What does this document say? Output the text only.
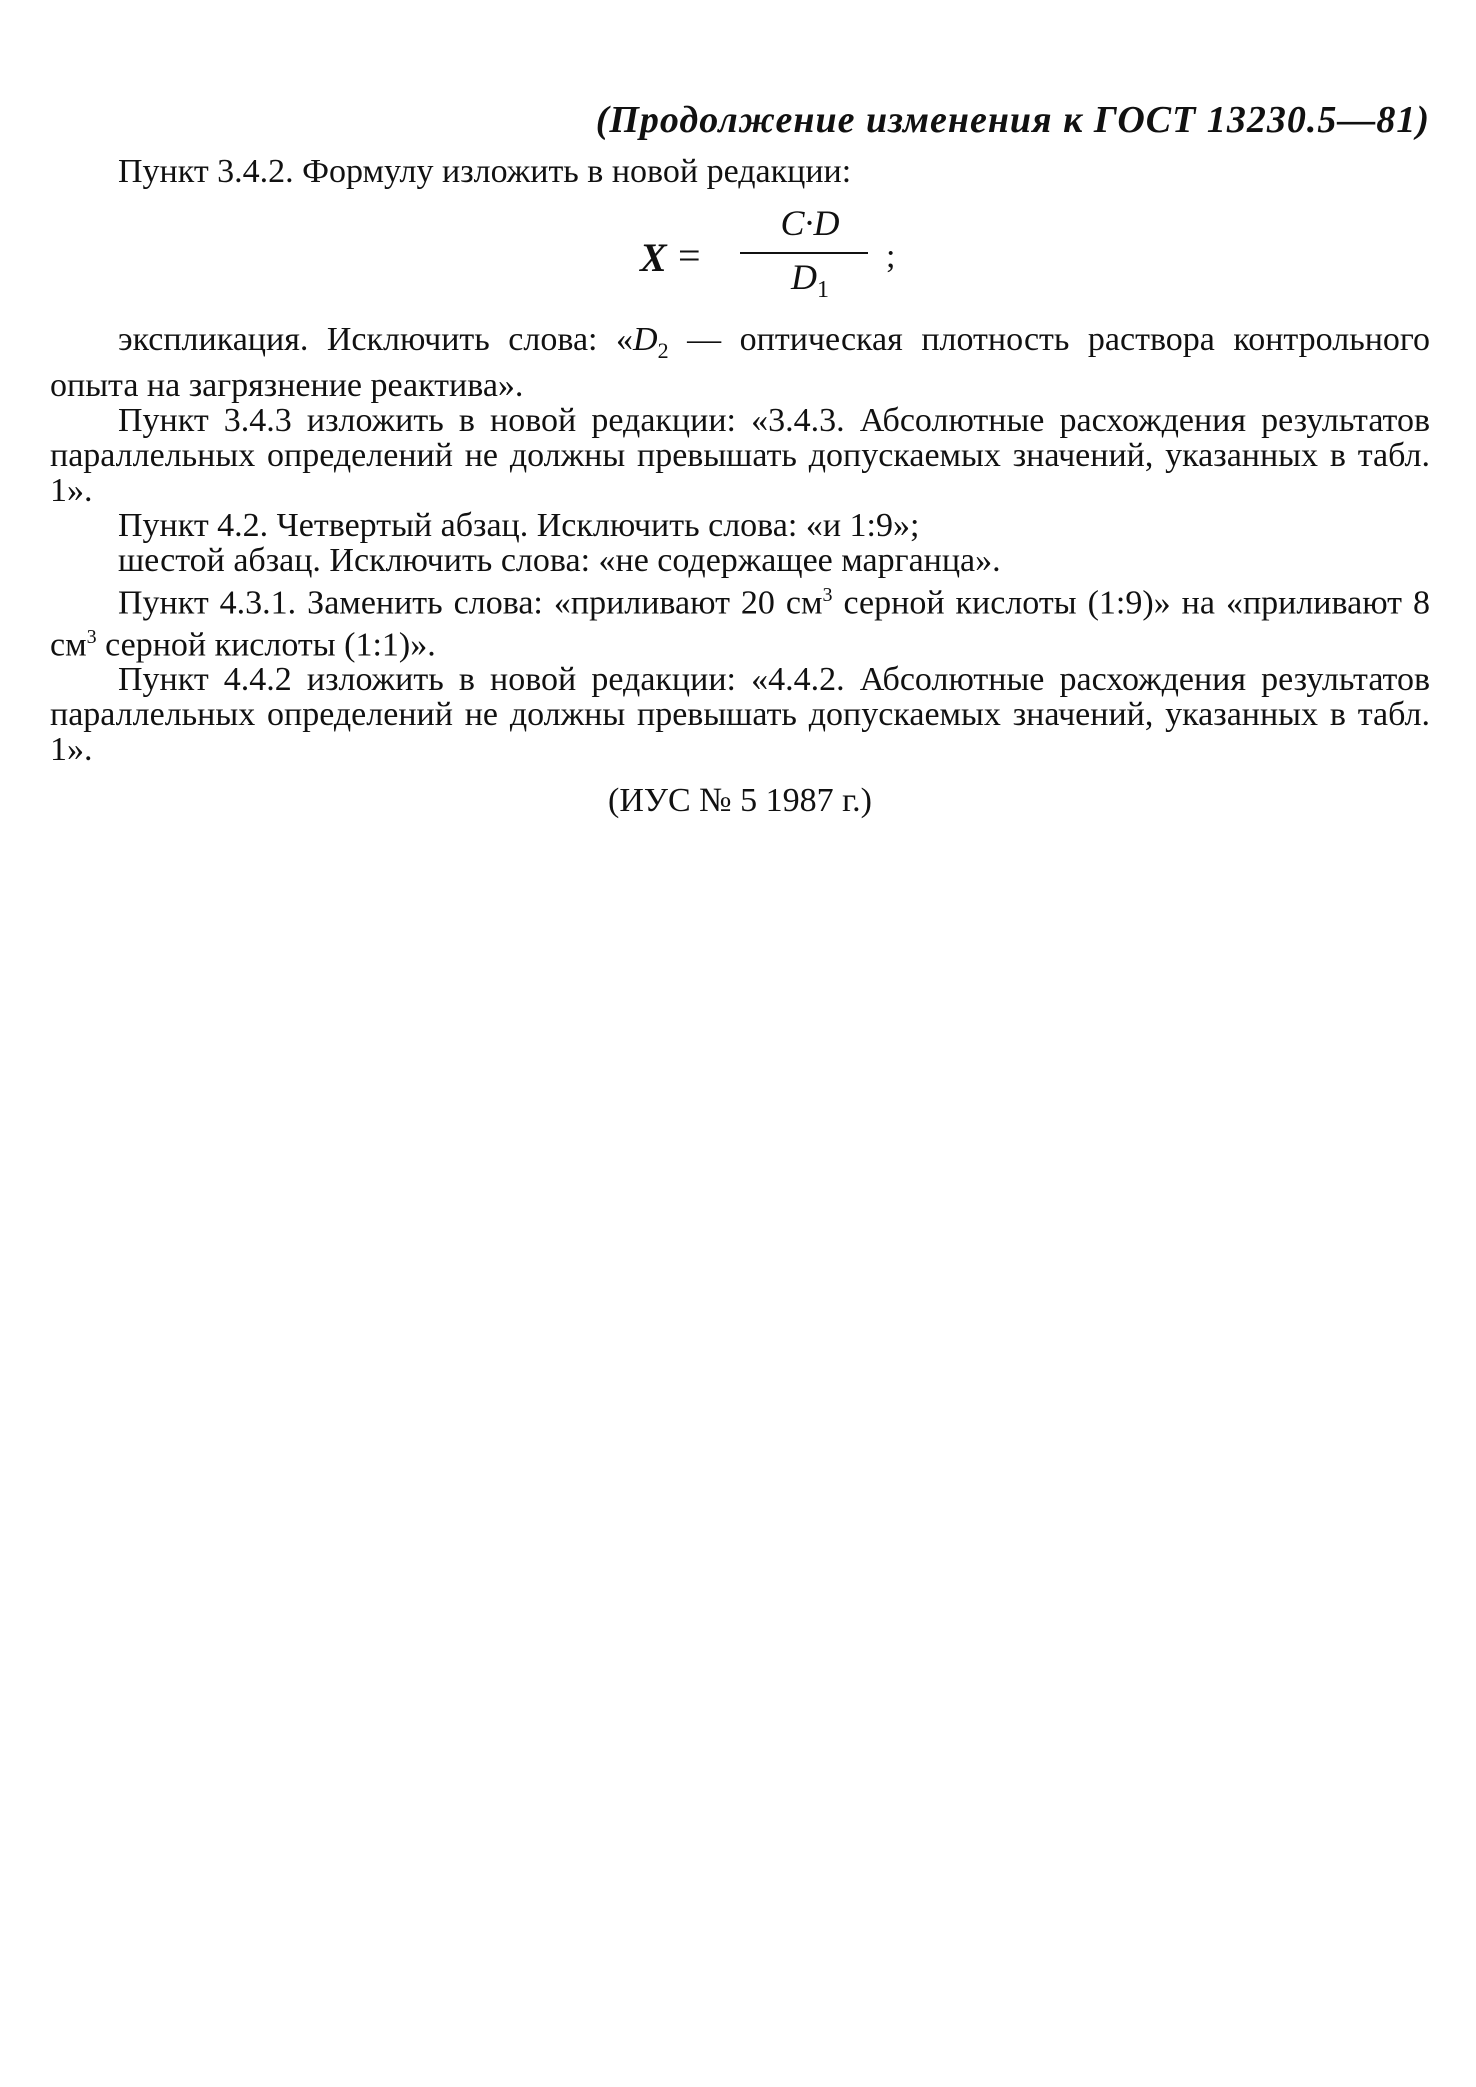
(Продолжение изменения к ГОСТ 13230.5—81)

Пункт 3.4.2. Формулу изложить в новой редакции:

X =
C·D
$D_1$
;

экспликация. Исключить слова: «$D_2$ — оптическая плотность раствора контрольного опыта на загрязнение реактива».

Пункт 3.4.3 изложить в новой редакции: «3.4.3. Абсолютные расхождения результатов параллельных определений не должны превышать допускаемых значений, указанных в табл. 1».

Пункт 4.2. Четвертый абзац. Исключить слова: «и 1:9»;

шестой абзац. Исключить слова: «не содержащее марганца».

Пункт 4.3.1. Заменить слова: «приливают 20 $см^3$ серной кислоты (1:9)» на «приливают 8 $см^3$ серной кислоты (1:1)».

Пункт 4.4.2 изложить в новой редакции: «4.4.2. Абсолютные расхождения результатов параллельных определений не должны превышать допускаемых значений, указанных в табл. 1».

(ИУС № 5 1987 г.)
